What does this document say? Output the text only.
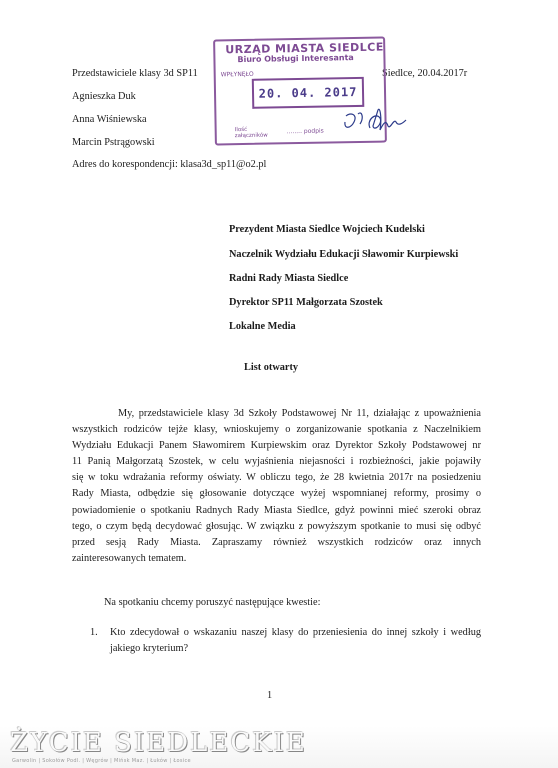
Przedstawiciele klasy 3d SP11
Agnieszka Duk
Anna Wiśniewska
Marcin Pstrągowski
Adres do korespondencji: klasa3d_sp11@o2.pl
Siedlce, 20.04.2017r
URZĄD MIASTA SIEDLCE
Biuro Obsługi Interesanta
WPŁYNĘŁO
20. 04. 2017
Ilość
załączników
........ podpis
Prezydent Miasta Siedlce Wojciech Kudelski
Naczelnik Wydziału Edukacji Sławomir Kurpiewski
Radni Rady Miasta Siedlce
Dyrektor SP11 Małgorzata Szostek
Lokalne Media
List otwarty
My, przedstawiciele klasy 3d Szkoły Podstawowej Nr 11, działając z upoważnienia
wszystkich rodziców tejże klasy, wnioskujemy o zorganizowanie spotkania z Naczelnikiem
Wydziału Edukacji Panem Sławomirem Kurpiewskim oraz Dyrektor Szkoły Podstawowej nr
11 Panią Małgorzatą Szostek, w celu wyjaśnienia niejasności i rozbieżności, jakie pojawiły
się w toku wdrażania reformy oświaty. W obliczu tego, że 28 kwietnia 2017r na posiedzeniu
Rady Miasta, odbędzie się głosowanie dotyczące wyżej wspomnianej reformy, prosimy o
powiadomienie o spotkaniu Radnych Rady Miasta Siedlce, gdyż powinni mieć szeroki obraz
tego, o czym będą decydować głosując. W związku z powyższym spotkanie to musi się odbyć
przed sesją Rady Miasta. Zapraszamy również wszystkich rodziców oraz innych
zainteresowanych tematem.
Na spotkaniu chcemy poruszyć następujące kwestie:
1. Kto zdecydował o wskazaniu naszej klasy do przeniesienia do innej szkoły i według
jakiego kryterium?
1
ŻYCIE SIEDLECKIE
Garwolin | Sokołów Podl. | Węgrów | Mińsk Maz. | Łuków | Łosice
